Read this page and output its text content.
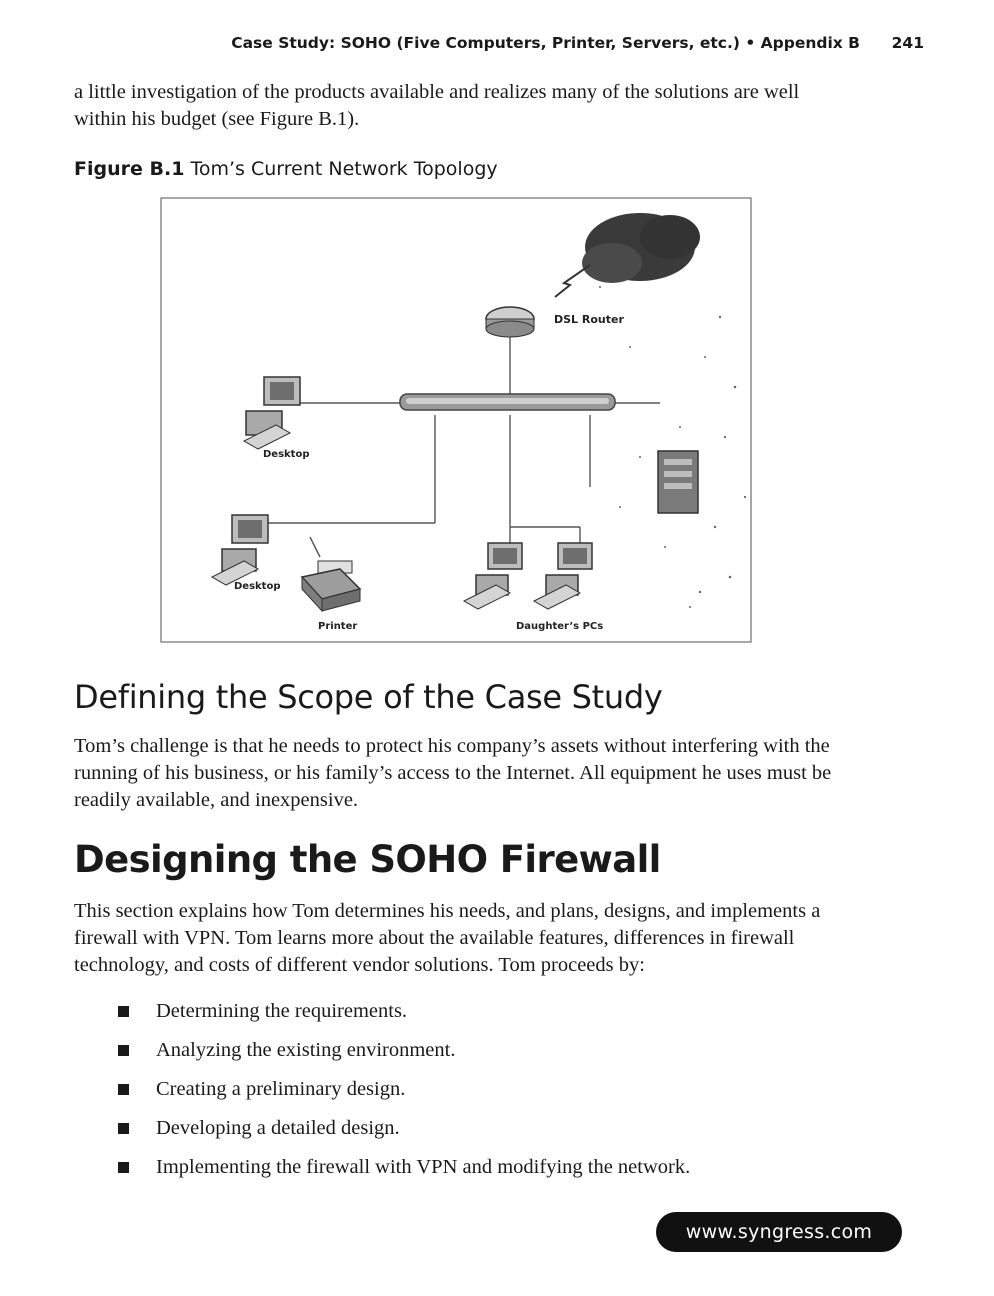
Case Study: SOHO (Five Computers, Printer, Servers, etc.) • Appendix B 241

a little investigation of the products available and realizes many of the solutions are well within his budget (see Figure B.1).

Figure B.1 Tom’s Current Network Topology
DSL Router
Desktop
Desktop
Printer	Daughter’s PCs
Defining the Scope of the Case Study

Tom’s challenge is that he needs to protect his company’s assets without interfering with the running of his business, or his family’s access to the Internet. All equipment he uses must be readily available, and inexpensive.

Designing the SOHO Firewall

This section explains how Tom determines his needs, and plans, designs, and implements a firewall with VPN. Tom learns more about the available features, differences in firewall technology, and costs of different vendor solutions. Tom proceeds by:

Determining the requirements.
Analyzing the existing environment.
Creating a preliminary design.
Developing a detailed design.
Implementing the firewall with VPN and modifying the network.
www.syngress.com
